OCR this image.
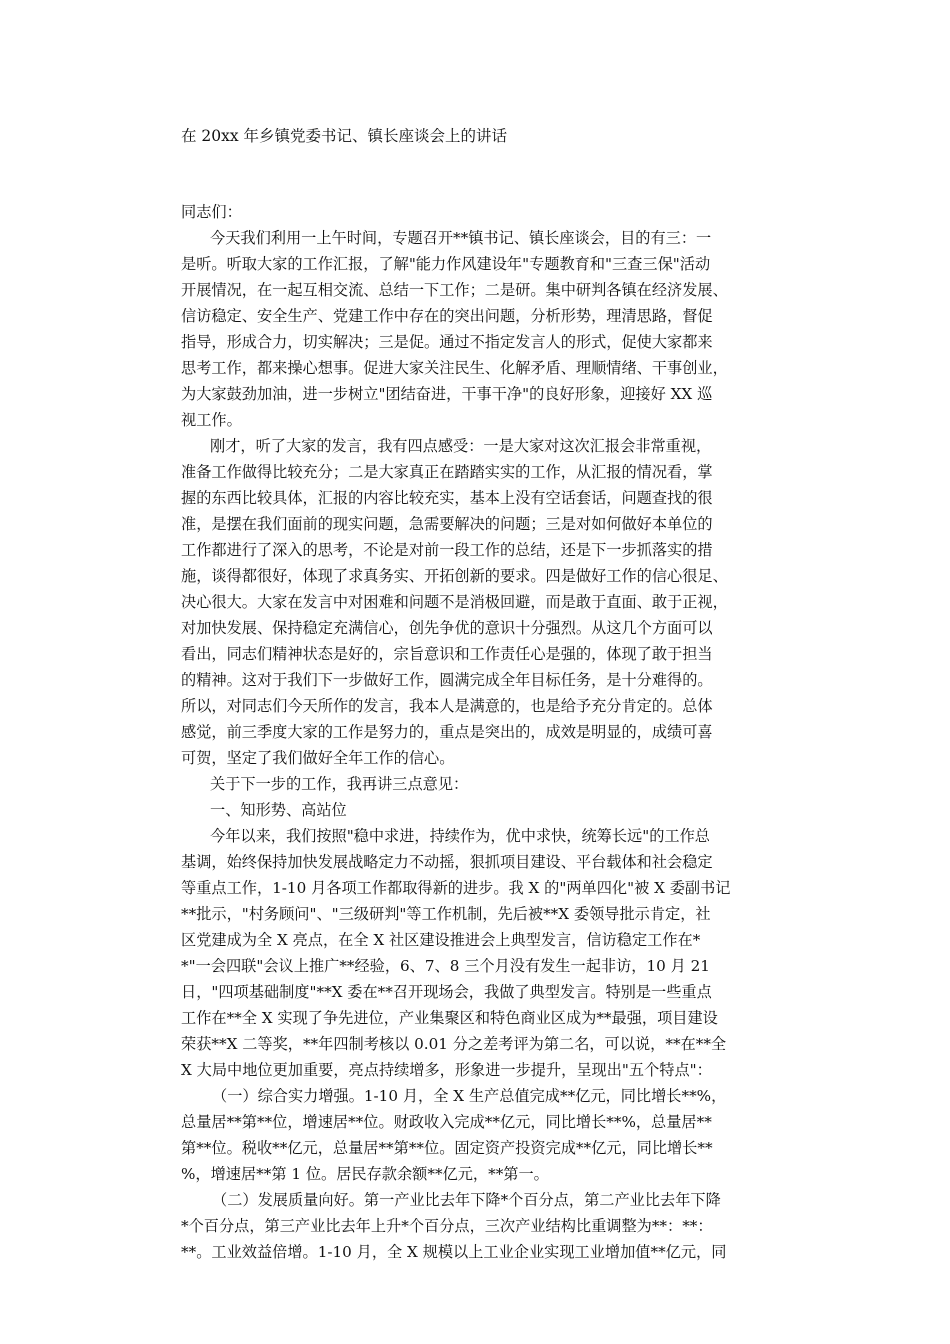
在 20xx 年乡镇党委书记、镇长座谈会上的讲话
同志们：
今天我们利用一上午时间，专题召开**镇书记、镇长座谈会，目的有三：一
是听。听取大家的工作汇报，了解"能力作风建设年"专题教育和"三查三保"活动
开展情况，在一起互相交流、总结一下工作；二是研。集中研判各镇在经济发展、
信访稳定、安全生产、党建工作中存在的突出问题，分析形势，理清思路，督促
指导，形成合力，切实解决；三是促。通过不指定发言人的形式，促使大家都来
思考工作，都来操心想事。促进大家关注民生、化解矛盾、理顺情绪、干事创业，
为大家鼓劲加油，进一步树立"团结奋进，干事干净"的良好形象，迎接好 XX 巡
视工作。
刚才，听了大家的发言，我有四点感受：一是大家对这次汇报会非常重视，
准备工作做得比较充分；二是大家真正在踏踏实实的工作，从汇报的情况看，掌
握的东西比较具体，汇报的内容比较充实，基本上没有空话套话，问题查找的很
准，是摆在我们面前的现实问题，急需要解决的问题；三是对如何做好本单位的
工作都进行了深入的思考，不论是对前一段工作的总结，还是下一步抓落实的措
施，谈得都很好，体现了求真务实、开拓创新的要求。四是做好工作的信心很足、
决心很大。大家在发言中对困难和问题不是消极回避，而是敢于直面、敢于正视，
对加快发展、保持稳定充满信心，创先争优的意识十分强烈。从这几个方面可以
看出，同志们精神状态是好的，宗旨意识和工作责任心是强的，体现了敢于担当
的精神。这对于我们下一步做好工作，圆满完成全年目标任务，是十分难得的。
所以，对同志们今天所作的发言，我本人是满意的，也是给予充分肯定的。总体
感觉，前三季度大家的工作是努力的，重点是突出的，成效是明显的，成绩可喜
可贺，坚定了我们做好全年工作的信心。
关于下一步的工作，我再讲三点意见：
一、知形势、高站位
今年以来，我们按照"稳中求进，持续作为，优中求快，统筹长远"的工作总
基调，始终保持加快发展战略定力不动摇，狠抓项目建设、平台载体和社会稳定
等重点工作，1-10 月各项工作都取得新的进步。我 X 的"两单四化"被 X 委副书记
**批示，"村务顾问"、"三级研判"等工作机制，先后被**X 委领导批示肯定，社
区党建成为全 X 亮点，在全 X 社区建设推进会上典型发言，信访稳定工作在*
*"一会四联"会议上推广**经验，6、7、8 三个月没有发生一起非访，10 月 21
日，"四项基础制度"**X 委在**召开现场会，我做了典型发言。特别是一些重点
工作在**全 X 实现了争先进位，产业集聚区和特色商业区成为**最强，项目建设
荣获**X 二等奖，**年四制考核以 0.01 分之差考评为第二名，可以说，**在**全
X 大局中地位更加重要，亮点持续增多，形象进一步提升，呈现出"五个特点"：
（一）综合实力增强。1-10 月，全 X 生产总值完成**亿元，同比增长**%，
总量居**第**位，增速居**位。财政收入完成**亿元，同比增长**%，总量居**
第**位。税收**亿元，总量居**第**位。固定资产投资完成**亿元，同比增长**
%，增速居**第 1 位。居民存款余额**亿元，**第一。
（二）发展质量向好。第一产业比去年下降*个百分点，第二产业比去年下降
*个百分点，第三产业比去年上升*个百分点，三次产业结构比重调整为**：**：
**。工业效益倍增。1-10 月，全 X 规模以上工业企业实现工业增加值**亿元，同
